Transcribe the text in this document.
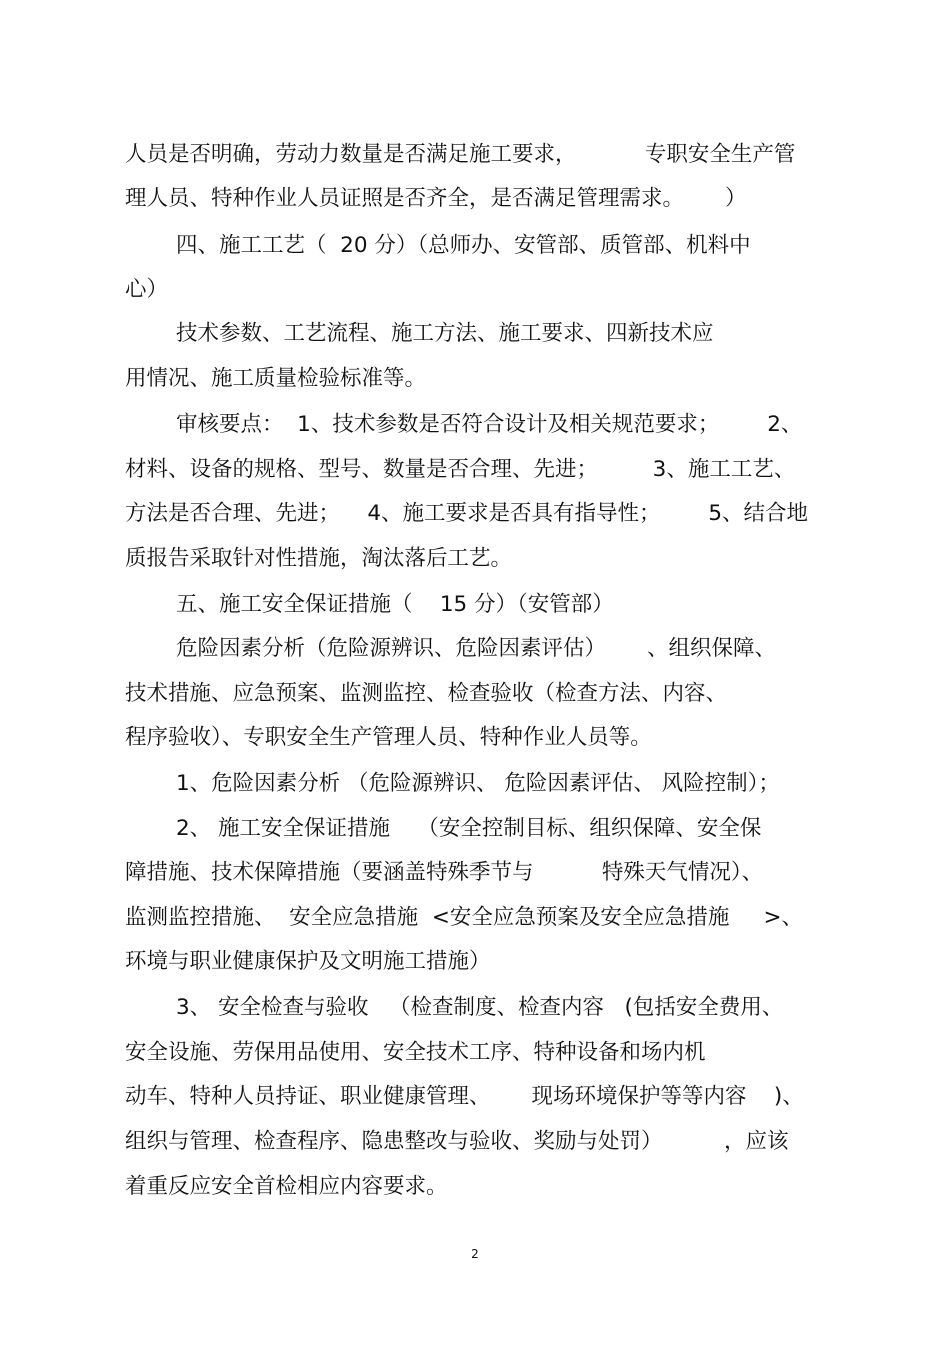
人员是否明确，劳动力数量是否满足施工要求，          专职安全生产管
理人员、特种作业人员证照是否齐全，是否满足管理需求。      ）
四、施工工艺（  20 分）（总师办、安管部、质管部、机料中
心）
技术参数、工艺流程、施工方法、施工要求、四新技术应
用情况、施工质量检验标准等。
审核要点：  1、技术参数是否符合设计及相关规范要求；       2、
材料、设备的规格、型号、数量是否合理、先进；        3、施工工艺、
方法是否合理、先进；    4、施工要求是否具有指导性；       5、结合地
质报告采取针对性措施，淘汰落后工艺。
五、施工安全保证措施（    15 分）（安管部）
危险因素分析（危险源辨识、危险因素评估）      、组织保障、
技术措施、应急预案、监测监控、检查验收（检查方法、内容、
程序验收）、专职安全生产管理人员、特种作业人员等。
1、危险因素分析 （危险源辨识、 危险因素评估、 风险控制）；
2、 施工安全保证措施    （安全控制目标、组织保障、安全保
障措施、技术保障措施（要涵盖特殊季节与          特殊天气情况）、
监测监控措施、  安全应急措施  <安全应急预案及安全应急措施     >、
环境与职业健康保护及文明施工措施）
3、 安全检查与验收   （检查制度、检查内容   (包括安全费用、
安全设施、劳保用品使用、安全技术工序、特种设备和场内机
动车、特种人员持证、职业健康管理、      现场环境保护等等内容    )、
组织与管理、检查程序、隐患整改与验收、奖励与处罚）         ，应该
着重反应安全首检相应内容要求。
2
